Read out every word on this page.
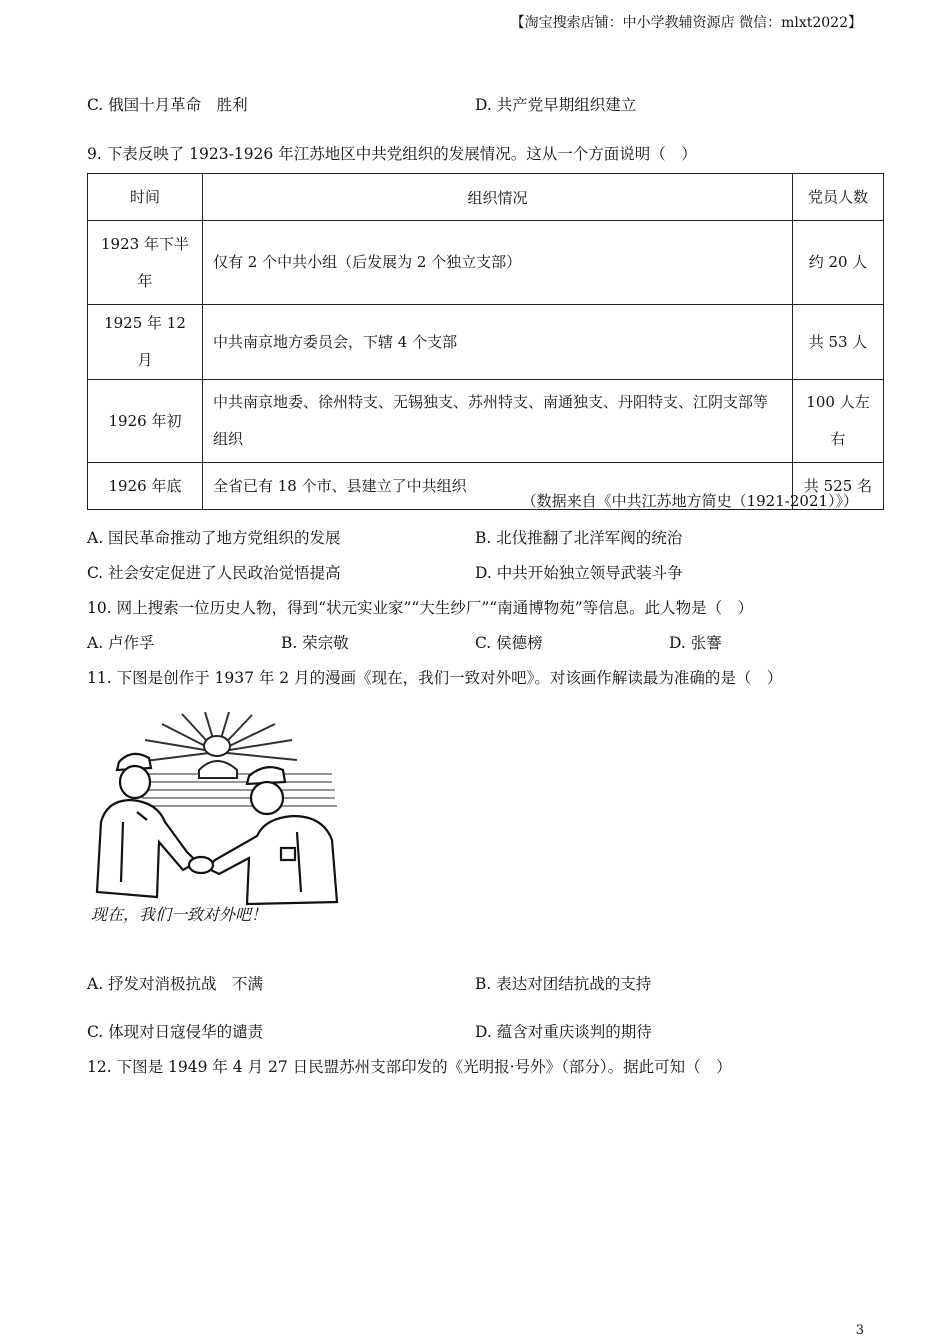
【淘宝搜索店铺：中小学教辅资源店 微信：mlxt2022】
C. 俄国十月革命　胜利	D. 共产党早期组织建立
9. 下表反映了 1923-1926 年江苏地区中共党组织的发展情况。这从一个方面说明（　）
时间	组织情况	党员人数
1923 年下半年	仅有 2 个中共小组（后发展为 2 个独立支部）	约 20 人
1925 年 12 月	中共南京地方委员会，下辖 4 个支部	共 53 人
1926 年初	中共南京地委、徐州特支、无锡独支、苏州特支、南通独支、丹阳特支、江阴支部等组织	100 人左右
1926 年底	全省已有 18 个市、县建立了中共组织	共 525 名
（数据来自《中共江苏地方简史（1921-2021）》）
A. 国民革命推动了地方党组织的发展	B. 北伐推翻了北洋军阀的统治
C. 社会安定促进了人民政治觉悟提高	D. 中共开始独立领导武装斗争
10. 网上搜索一位历史人物，得到“状元实业家”“大生纱厂”“南通博物苑”等信息。此人物是（　）
A. 卢作孚	B. 荣宗敬	C. 侯德榜	D. 张謇
11. 下图是创作于 1937 年 2 月的漫画《现在，我们一致对外吧》。对该画作解读最为准确的是（　）
现在，我们一致对外吧！
A. 抒发对消极抗战　不满	B. 表达对团结抗战的支持
C. 体现对日寇侵华的谴责	D. 蕴含对重庆谈判的期待
12. 下图是 1949 年 4 月 27 日民盟苏州支部印发的《光明报·号外》（部分）。据此可知（　）
3
